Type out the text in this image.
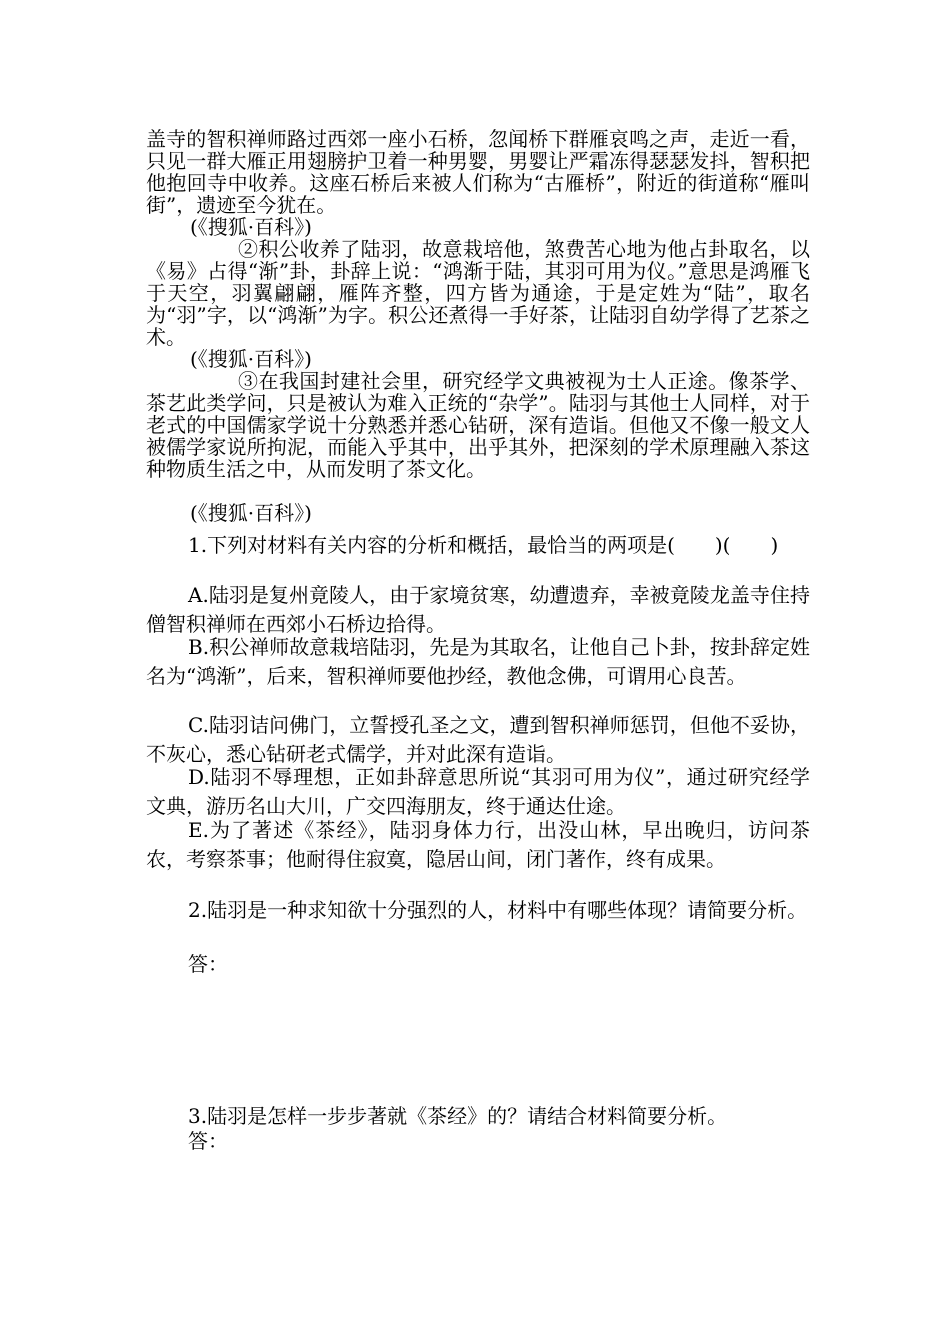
盖寺的智积禅师路过西郊一座小石桥，忽闻桥下群雁哀鸣之声，走近一看，只见一群大雁正用翅膀护卫着一种男婴，男婴让严霜冻得瑟瑟发抖，智积把他抱回寺中收养。这座石桥后来被人们称为“古雁桥”，附近的街道称“雁叫街”，遗迹至今犹在。

(《搜狐·百科》)

②积公收养了陆羽，故意栽培他，煞费苦心地为他占卦取名，以《易》占得“渐”卦，卦辞上说：“鸿渐于陆，其羽可用为仪。”意思是鸿雁飞于天空，羽翼翩翩，雁阵齐整，四方皆为通途，于是定姓为“陆”，取名为“羽”字，以“鸿渐”为字。积公还煮得一手好茶，让陆羽自幼学得了艺茶之术。

(《搜狐·百科》)

③在我国封建社会里，研究经学文典被视为士人正途。像茶学、茶艺此类学问，只是被认为难入正统的“杂学”。陆羽与其他士人同样，对于老式的中国儒家学说十分熟悉并悉心钻研，深有造诣。但他又不像一般文人被儒学家说所拘泥，而能入乎其中，出乎其外，把深刻的学术原理融入茶这种物质生活之中，从而发明了茶文化。

(《搜狐·百科》)

1.下列对材料有关内容的分析和概括，最恰当的两项是(　　)(　　)

A.陆羽是复州竟陵人，由于家境贫寒，幼遭遗弃，幸被竟陵龙盖寺住持僧智积禅师在西郊小石桥边拾得。

B.积公禅师故意栽培陆羽，先是为其取名，让他自己卜卦，按卦辞定姓名为“鸿渐”，后来，智积禅师要他抄经，教他念佛，可谓用心良苦。

C.陆羽诘问佛门，立誓授孔圣之文，遭到智积禅师惩罚，但他不妥协，不灰心，悉心钻研老式儒学，并对此深有造诣。

D.陆羽不辱理想，正如卦辞意思所说“其羽可用为仪”，通过研究经学文典，游历名山大川，广交四海朋友，终于通达仕途。

E.为了著述《茶经》，陆羽身体力行，出没山林，早出晚归，访问茶农，考察茶事；他耐得住寂寞，隐居山间，闭门著作，终有成果。

2.陆羽是一种求知欲十分强烈的人，材料中有哪些体现？请简要分析。

答：

3.陆羽是怎样一步步著就《茶经》的？请结合材料简要分析。

答：
